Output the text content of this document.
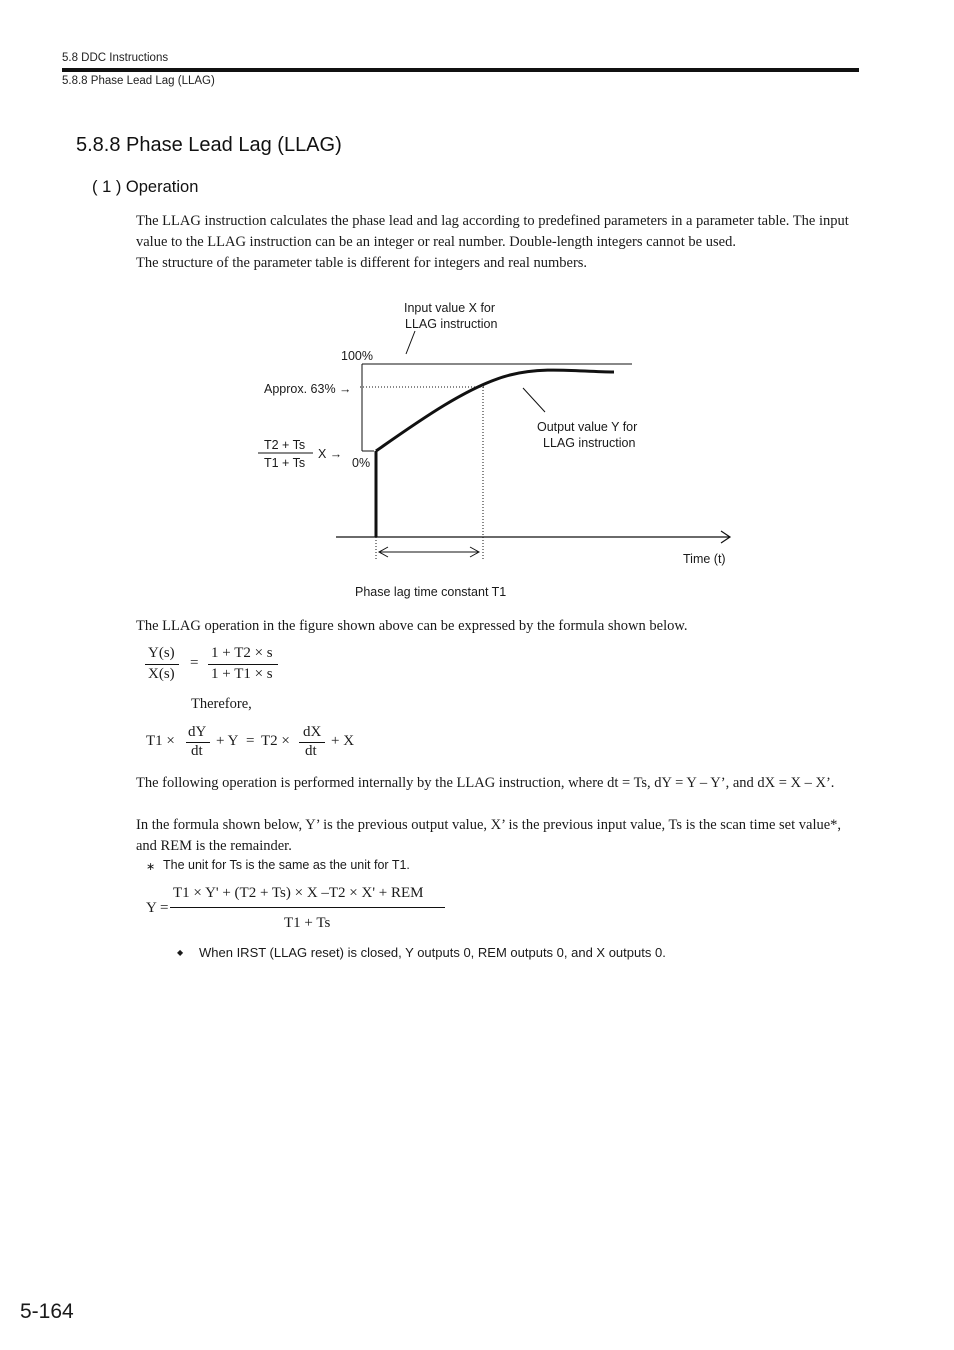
5.8 DDC Instructions
5.8.8 Phase Lead Lag (LLAG)
5.8.8 Phase Lead Lag (LLAG)
( 1 ) Operation
The LLAG instruction calculates the phase lead and lag according to predefined parameters in a parameter table. The input value to the LLAG instruction can be an integer or real number. Double-length integers cannot be used.
The structure of the parameter table is different for integers and real numbers.
Input value X for
LLAG instruction
100%
Approx. 63% →
T2 + Ts
T1 + Ts
X →
0%
Output value Y for
LLAG instruction
Time (t)
Phase lag time constant T1
The LLAG operation in the figure shown above can be expressed by the formula shown below.
Y(s)
X(s)
=
1 + T2 × s
1 + T1 × s
Therefore,
T1 ×
dY
dt
+ Y = T2 ×
dX
dt
+ X
The following operation is performed internally by the LLAG instruction, where dt = Ts, dY = Y – Y’, and dX = X – X’.
In the formula shown below, Y’ is the previous output value, X’ is the previous input value, Ts is the scan time set value*, and REM is the remainder.
∗ The unit for Ts is the same as the unit for T1.
Y =
T1 × Y' + (T2 + Ts) × X –T2 × X' + REM
T1 + Ts
◆ When IRST (LLAG reset) is closed, Y outputs 0, REM outputs 0, and X outputs 0.
5-164
